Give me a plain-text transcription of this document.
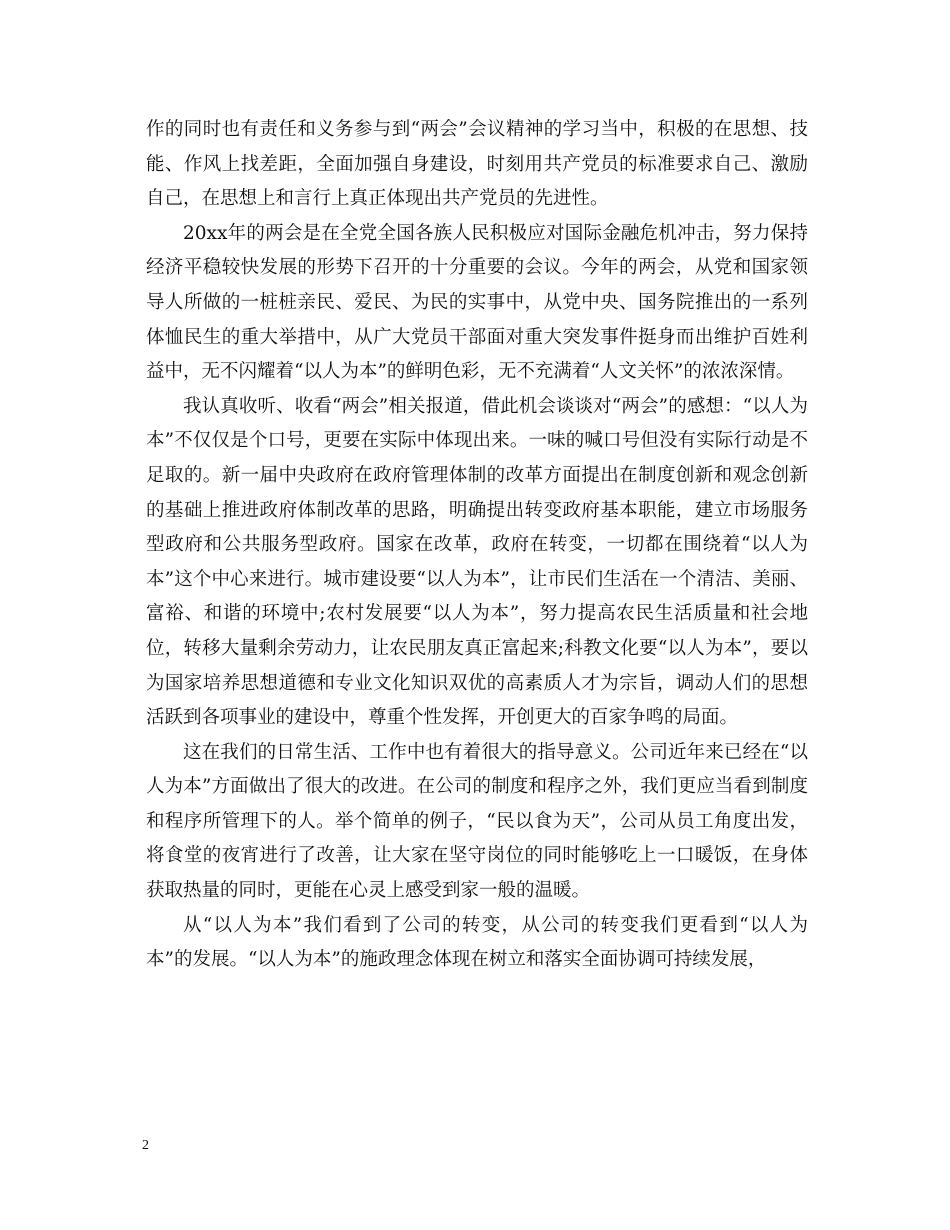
作的同时也有责任和义务参与到“两会”会议精神的学习当中，积极的在思想、技能、作风上找差距，全面加强自身建设，时刻用共产党员的标准要求自己、激励自己，在思想上和言行上真正体现出共产党员的先进性。

20xx年的两会是在全党全国各族人民积极应对国际金融危机冲击，努力保持经济平稳较快发展的形势下召开的十分重要的会议。今年的两会，从党和国家领导人所做的一桩桩亲民、爱民、为民的实事中，从党中央、国务院推出的一系列体恤民生的重大举措中，从广大党员干部面对重大突发事件挺身而出维护百姓利益中，无不闪耀着“以人为本”的鲜明色彩，无不充满着“人文关怀”的浓浓深情。

我认真收听、收看“两会”相关报道，借此机会谈谈对“两会”的感想：“以人为本”不仅仅是个口号，更要在实际中体现出来。一味的喊口号但没有实际行动是不足取的。新一届中央政府在政府管理体制的改革方面提出在制度创新和观念创新的基础上推进政府体制改革的思路，明确提出转变政府基本职能，建立市场服务型政府和公共服务型政府。国家在改革，政府在转变，一切都在围绕着“以人为本”这个中心来进行。城市建设要“以人为本”，让市民们生活在一个清洁、美丽、富裕、和谐的环境中;农村发展要“以人为本”，努力提高农民生活质量和社会地位，转移大量剩余劳动力，让农民朋友真正富起来;科教文化要“以人为本”，要以为国家培养思想道德和专业文化知识双优的高素质人才为宗旨，调动人们的思想活跃到各项事业的建设中，尊重个性发挥，开创更大的百家争鸣的局面。

这在我们的日常生活、工作中也有着很大的指导意义。公司近年来已经在“以人为本”方面做出了很大的改进。在公司的制度和程序之外，我们更应当看到制度和程序所管理下的人。举个简单的例子，“民以食为天”，公司从员工角度出发，将食堂的夜宵进行了改善，让大家在坚守岗位的同时能够吃上一口暖饭，在身体获取热量的同时，更能在心灵上感受到家一般的温暖。

从“以人为本”我们看到了公司的转变，从公司的转变我们更看到“以人为本”的发展。“以人为本”的施政理念体现在树立和落实全面协调可持续发展，

2
